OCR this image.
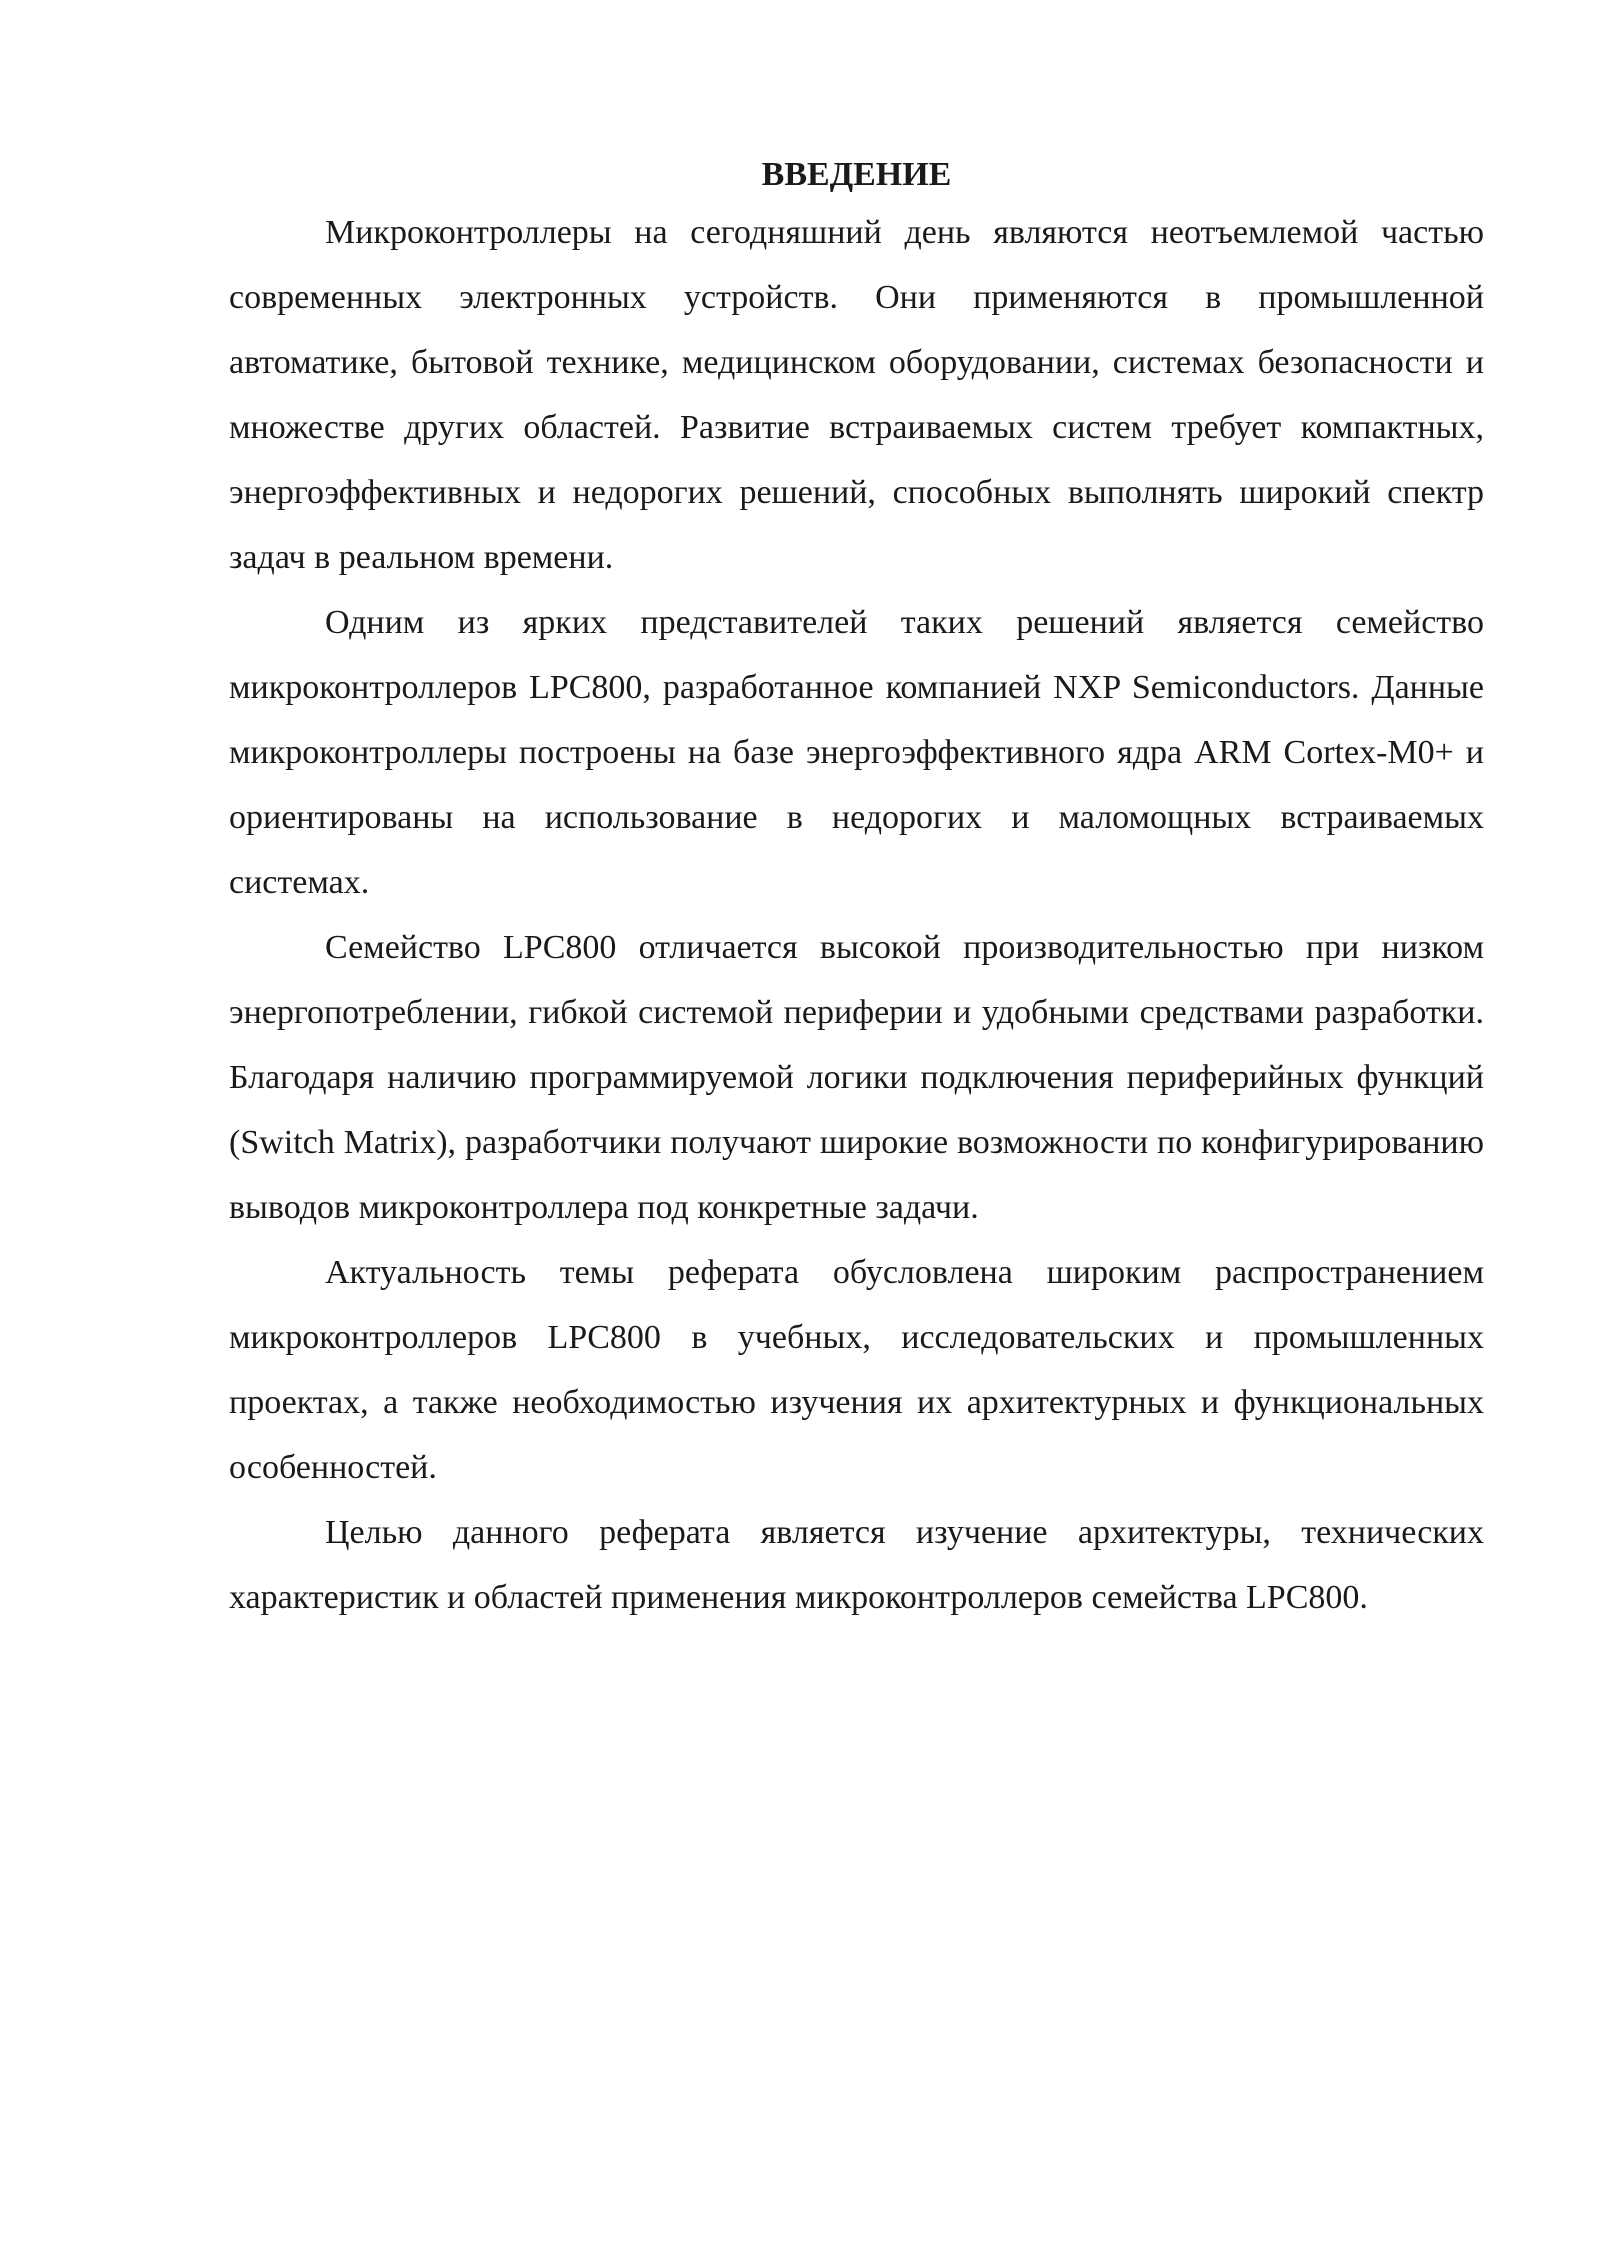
ВВЕДЕНИЕ

Микроконтроллеры на сегодняшний день являются неотъемлемой частью современных электронных устройств. Они применяются в промышленной автоматике, бытовой технике, медицинском оборудовании, системах безопасности и множестве других областей. Развитие встраиваемых систем требует компактных, энергоэффективных и недорогих решений, способных выполнять широкий спектр задач в реальном времени.

Одним из ярких представителей таких решений является семейство микроконтроллеров LPC800, разработанное компанией NXP Semiconductors. Данные микроконтроллеры построены на базе энергоэффективного ядра ARM Cortex-M0+ и ориентированы на использование в недорогих и маломощных встраиваемых системах.

Семейство LPC800 отличается высокой производительностью при низком энергопотреблении, гибкой системой периферии и удобными средствами разработки. Благодаря наличию программируемой логики подключения периферийных функций (Switch Matrix), разработчики получают широкие возможности по конфигурированию выводов микроконтроллера под конкретные задачи.

Актуальность темы реферата обусловлена широким распространением микроконтроллеров LPC800 в учебных, исследовательских и промышленных проектах, а также необходимостью изучения их архитектурных и функциональных особенностей.

Целью данного реферата является изучение архитектуры, технических характеристик и областей применения микроконтроллеров семейства LPC800.
